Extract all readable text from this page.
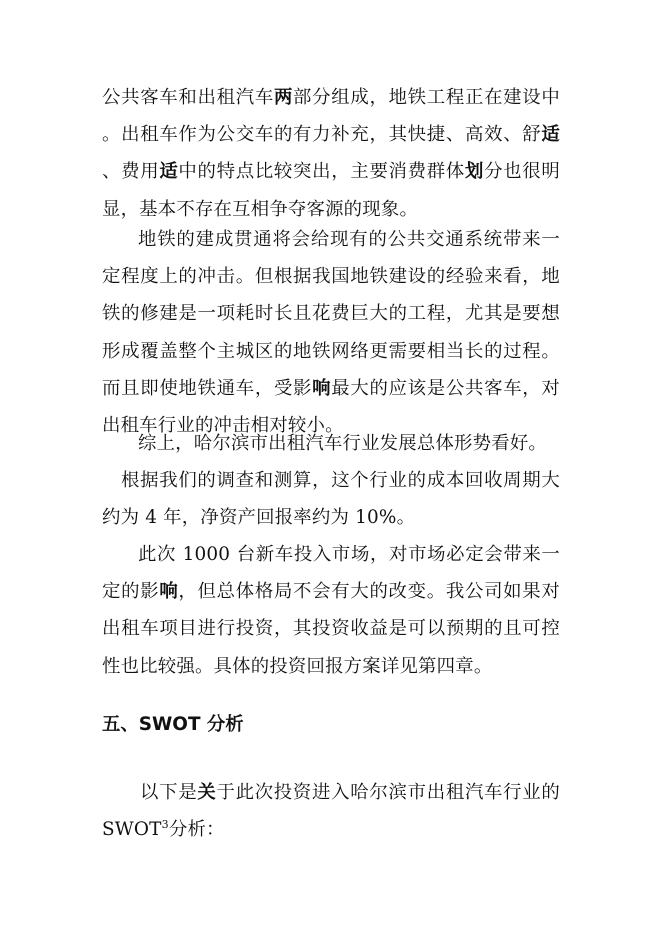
公共客车和出租汽车两部分组成，地铁工程正在建设中。出租车作为公交车的有力补充，其快捷、高效、舒适、费用适中的特点比较突出，主要消费群体划分也很明显，基本不存在互相争夺客源的现象。

地铁的建成贯通将会给现有的公共交通系统带来一定程度上的冲击。但根据我国地铁建设的经验来看，地铁的修建是一项耗时长且花费巨大的工程，尤其是要想形成覆盖整个主城区的地铁网络更需要相当长的过程。而且即使地铁通车，受影响最大的应该是公共客车，对出租车行业的冲击相对较小。

综上，哈尔滨市出租汽车行业发展总体形势看好。

根据我们的调查和测算，这个行业的成本回收周期大约为 4 年，净资产回报率约为 10%。

此次 1000 台新车投入市场，对市场必定会带来一定的影响，但总体格局不会有大的改变。我公司如果对出租车项目进行投资，其投资收益是可以预期的且可控性也比较强。具体的投资回报方案详见第四章。

五、SWOT 分析

以下是关于此次投资进入哈尔滨市出租汽车行业的 SWOT$^3$分析：
